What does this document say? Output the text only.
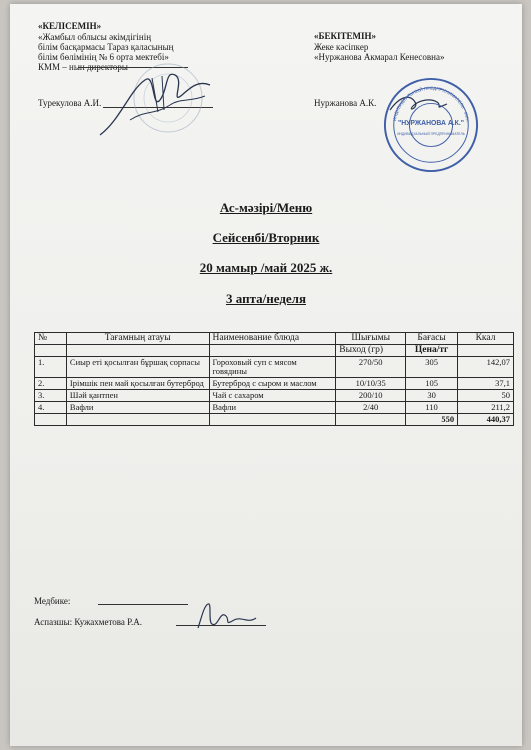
«КЕЛІСЕМІН»
«Жамбыл облысы әкімдігінің
білім басқармасы Тараз қаласының
білім бөлімінің № 6 орта мектебі»
КММ – нын директоры
Турекулова А.И.
«БЕКІТЕМІН»
Жеке кәсіпкер
«Нуржанова Акмарал Кенесовна»
Нуржанова А.К.
ИНДИВИДУАЛЬНЫЙ ПРЕДПРИНИМАТЕЛЬ · ИИН ·
"НУРЖАНОВА А.К."
ИНДИВИДУАЛЬНЫЙ ПРЕДПРИНИМАТЕЛЬ
Ас-мәзірі/Меню
Сейсенбі/Вторник
20 мамыр /май 2025 ж.
3 апта/неделя
№	Тағамның атауы	Наименование блюда	Шығымы	Бағасы	Ккал
			Выход (гр)	Цена/тг	
1.	Сиыр еті қосылған бұршақ сорпасы	Гороховый суп с мясом говядины	270/50	305	142,07
2.	Ірімшік пен май қосылған бутерброд	Бутерброд с сыром и маслом	10/10/35	105	37,1
3.	Шәй қантпен	Чай с сахаром	200/10	30	50
4.	Вафли	Вафли	2/40	110	211,2
				550	440,37
Медбике:
Аспазшы: Кужахметова Р.А.
